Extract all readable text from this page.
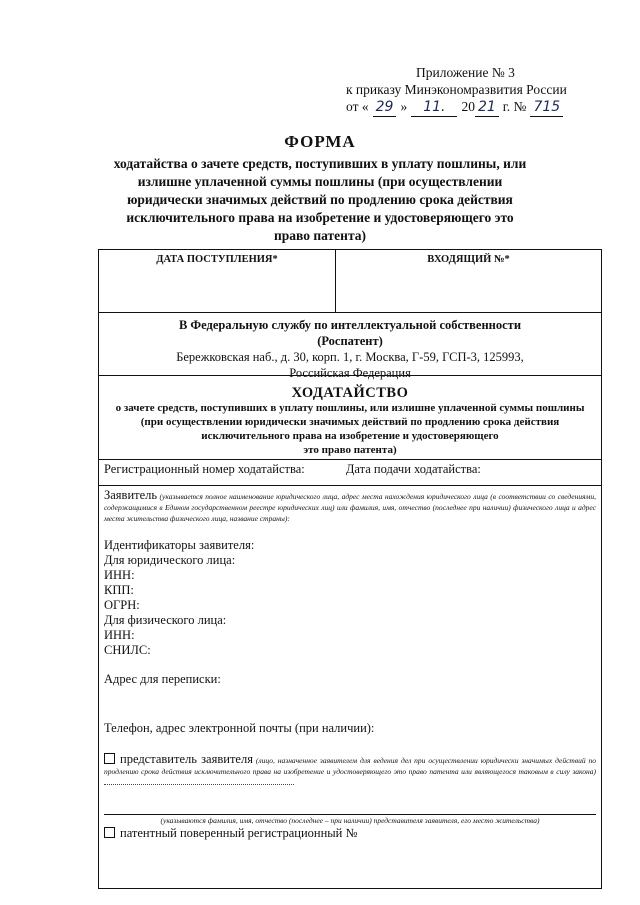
Приложение № 3
к приказу Минэкономразвития России
от « 29 »	11.	20 21 г. № 715
ФОРМА
ходатайства о зачете средств, поступивших в уплату пошлины, или излишне уплаченной суммы пошлины (при осуществлении юридически значимых действий по продлению срока действия исключительного права на изобретение и удостоверяющего это право патента)
ДАТА ПОСТУПЛЕНИЯ*	ВХОДЯЩИЙ №*
В Федеральную службу по интеллектуальной собственности
(Роспатент)
Бережковская наб., д. 30, корп. 1, г. Москва, Г-59, ГСП-3, 125993,
Российская Федерация
ХОДАТАЙСТВО
о зачете средств, поступивших в уплату пошлины, или излишне уплаченной суммы пошлины (при осуществлении юридически значимых действий по продлению срока действия исключительного права на изобретение и удостоверяющего
это право патента)
Регистрационный номер ходатайства:	Дата подачи ходатайства:
Заявитель (указывается полное наименование юридического лица, адрес места нахождения юридического лица (в соответствии со сведениями, содержащимися в Едином государственном реестре юридических лиц) или фамилия, имя, отчество (последнее при наличии) физического лица и адрес места жительства физического лица, название страны):
Идентификаторы заявителя:
Для юридического лица:
ИНН:
КПП:
ОГРН:
Для физического лица:
ИНН:
СНИЛС:
Адрес для переписки:
Телефон, адрес электронной почты (при наличии):
представитель заявителя (лицо, назначенное заявителем для ведения дел при осуществлении юридически значимых действий по продлению срока действия исключительного права на изобретение и удостоверяющего это право патента или являющегося таковым в силу закона)
(указываются фамилия, имя, отчество (последнее – при наличии) представителя заявителя, его место жительства)
патентный поверенный регистрационный №
